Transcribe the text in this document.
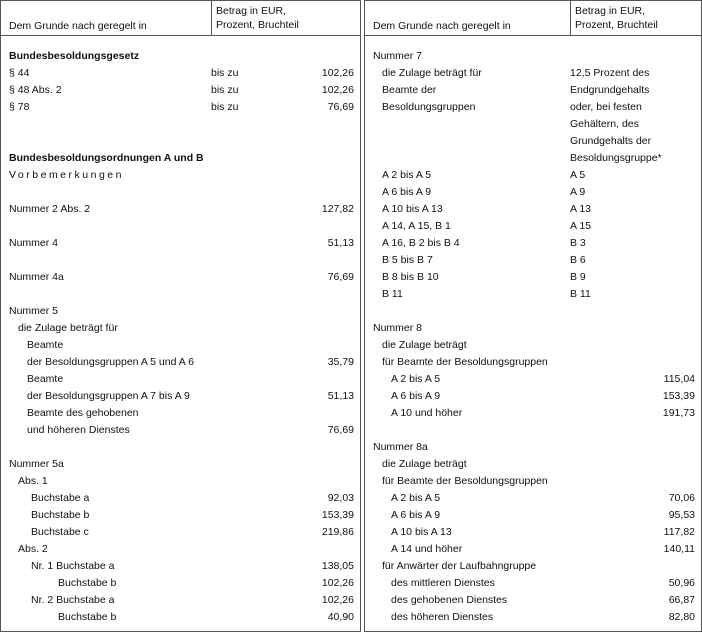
Dem Grunde nach geregelt in
Betrag in EUR,
Prozent, Bruchteil
Bundesbesoldungsgesetz
§ 44	bis zu	102,26
§ 48 Abs. 2	bis zu	102,26
§ 78	bis zu	76,69
Bundesbesoldungsordnungen A und B
Vorbemerkungen
Nummer 2 Abs. 2	127,82
Nummer 4	51,13
Nummer 4a	76,69
Nummer 5
die Zulage beträgt für
Beamte
der Besoldungsgruppen A 5 und A 6	35,79
Beamte
der Besoldungsgruppen A 7 bis A 9	51,13
Beamte des gehobenen
und höheren Dienstes	76,69
Nummer 5a
Abs. 1
Buchstabe a	92,03
Buchstabe b	153,39
Buchstabe c	219,86
Abs. 2
Nr. 1 Buchstabe a	138,05
Buchstabe b	102,26
Nr. 2 Buchstabe a	102,26
Buchstabe b	40,90
Dem Grunde nach geregelt in
Betrag in EUR,
Prozent, Bruchteil
Nummer 7
die Zulage beträgt für	12,5 Prozent des
Beamte der	Endgrundgehalts
Besoldungsgruppen	oder, bei festen
Gehältern, des
Grundgehalts der
Besoldungsgruppe*
A 2 bis A 5	A 5
A 6 bis A 9	A 9
A 10 bis A 13	A 13
A 14, A 15, B 1	A 15
A 16, B 2 bis B 4	B 3
B 5 bis B 7	B 6
B 8 bis B 10	B 9
B 11	B 11
Nummer 8
die Zulage beträgt
für Beamte der Besoldungsgruppen
A 2 bis A 5	115,04
A 6 bis A 9	153,39
A 10 und höher	191,73
Nummer 8a
die Zulage beträgt
für Beamte der Besoldungsgruppen
A 2 bis A 5	70,06
A 6 bis A 9	95,53
A 10 bis A 13	117,82
A 14 und höher	140,11
für Anwärter der Laufbahngruppe
des mittleren Dienstes	50,96
des gehobenen Dienstes	66,87
des höheren Dienstes	82,80
